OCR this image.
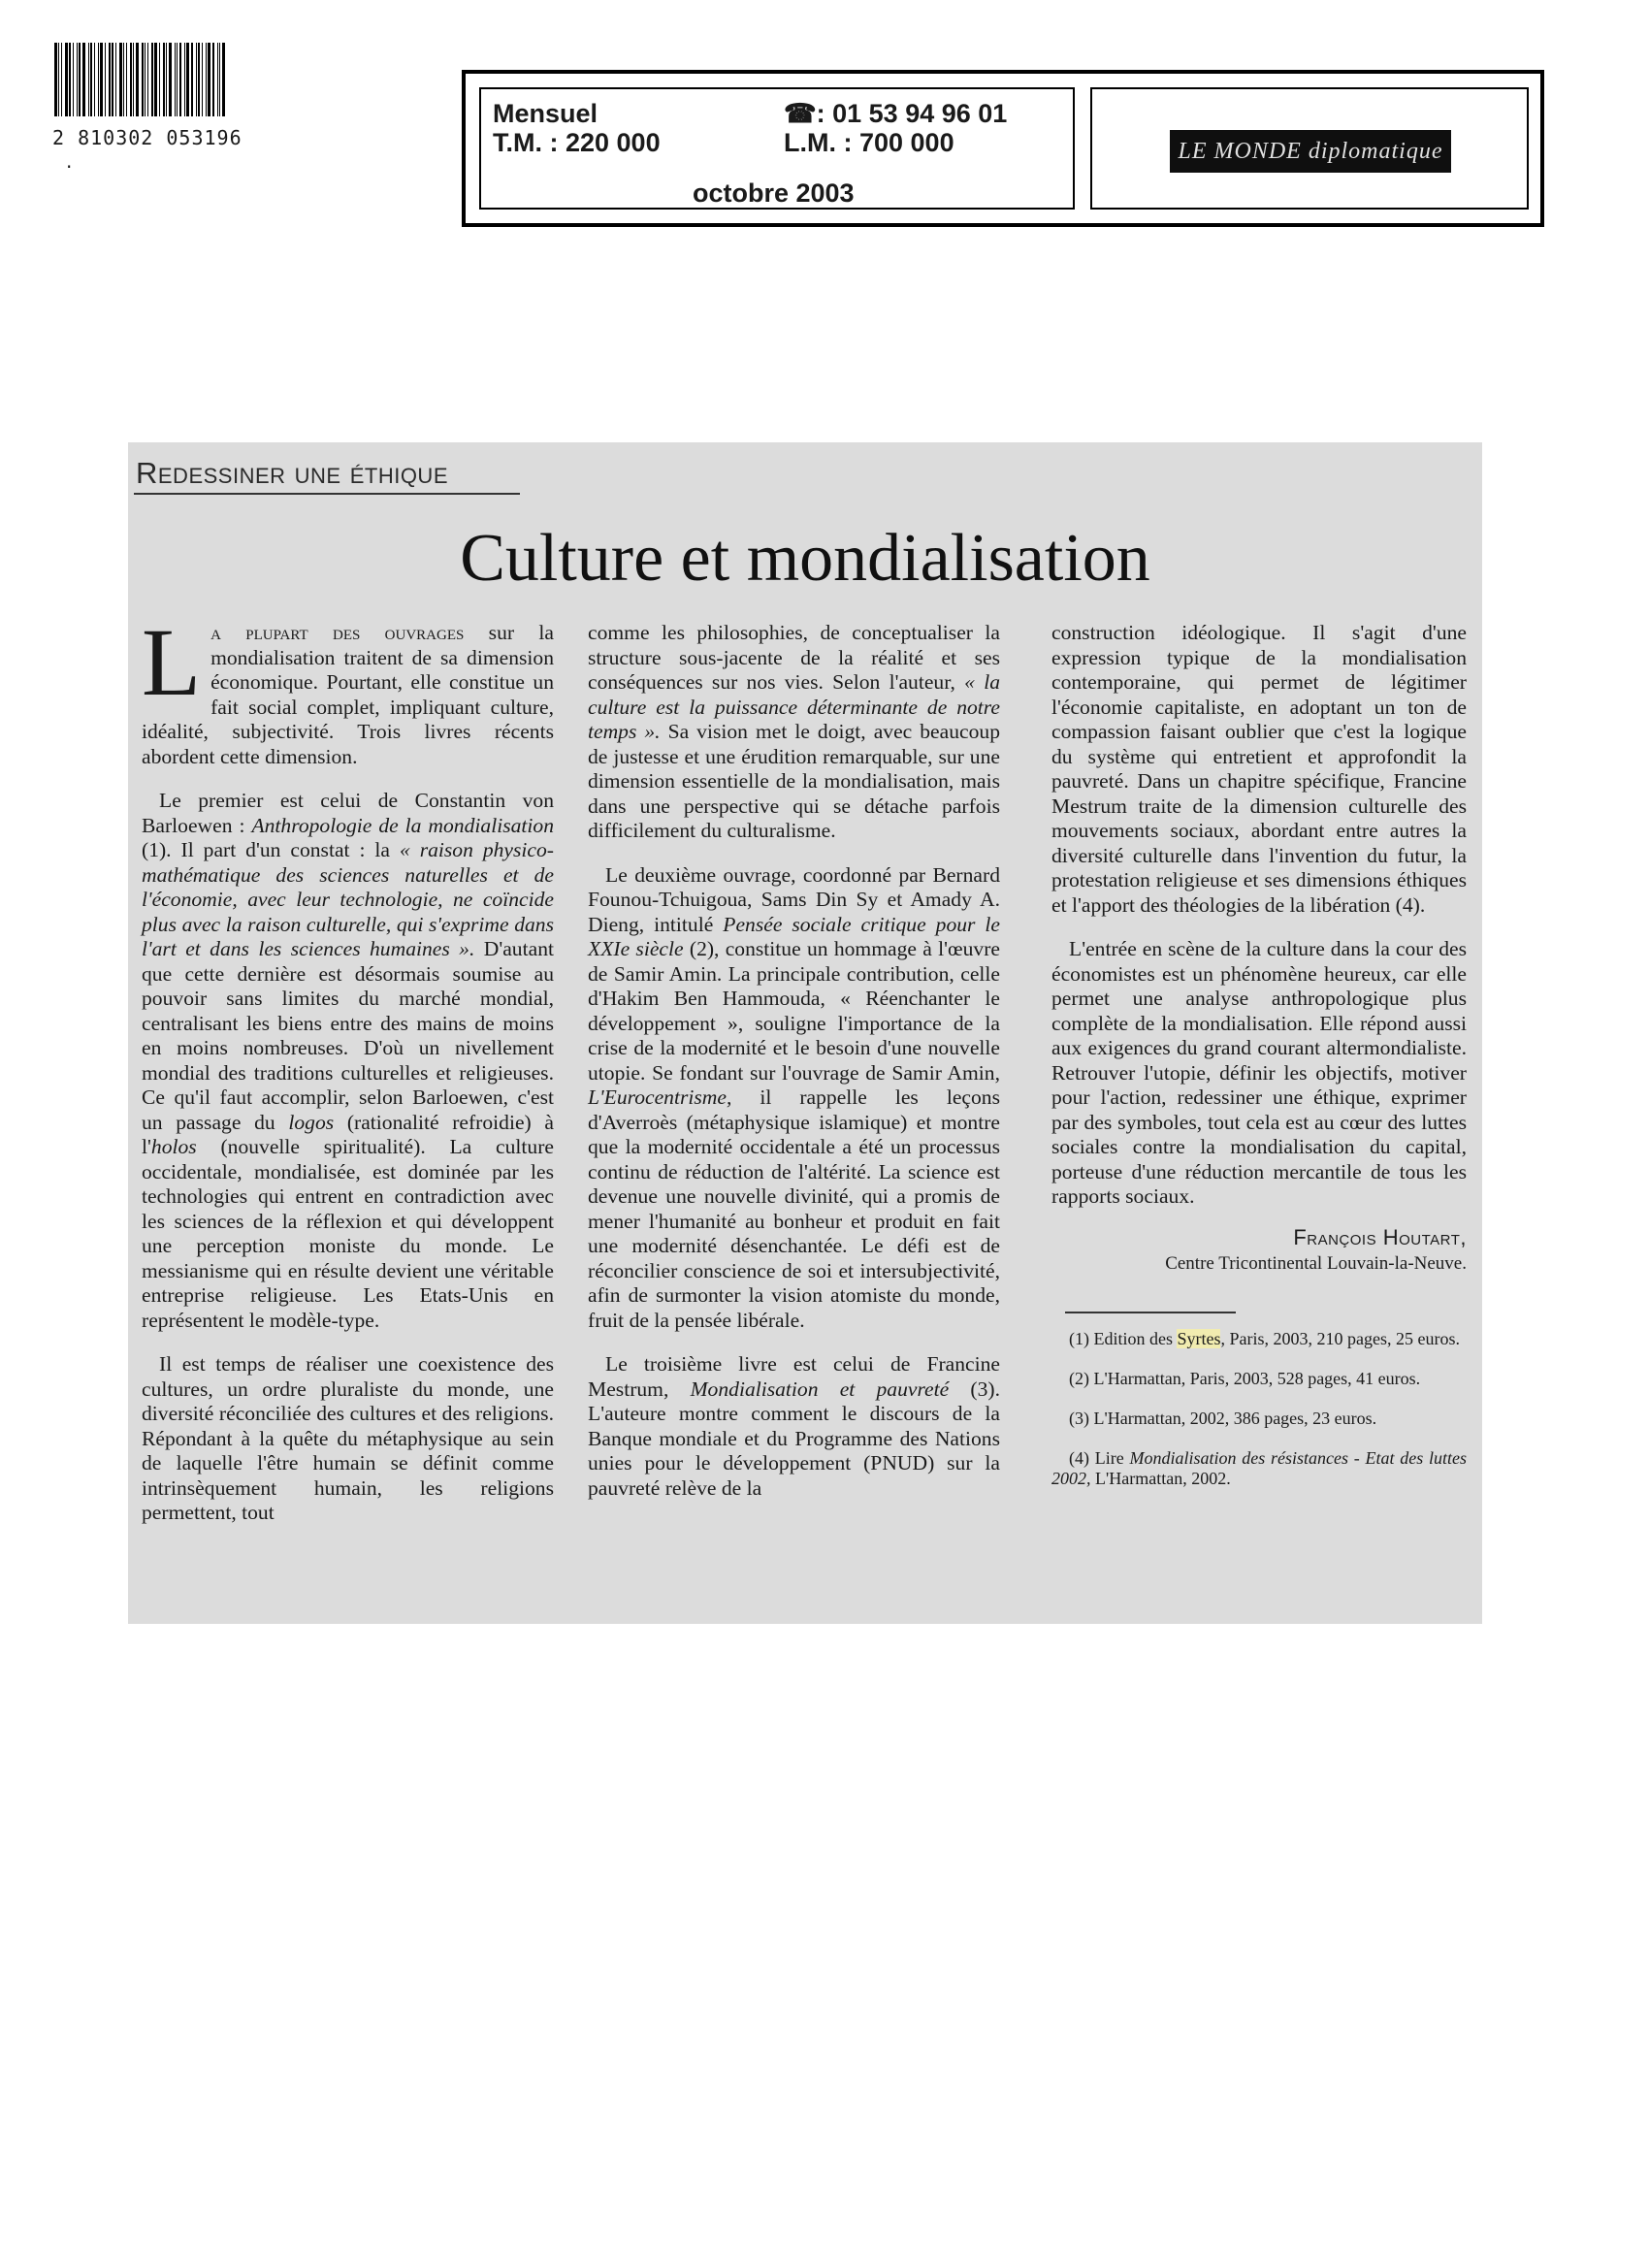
2 810302 053196
·
Mensuel
T.M. : 220 000
☎: 01 53 94 96 01
L.M. : 700 000
octobre 2003
LE MONDE diplomatique
Redessiner une éthique
Culture et mondialisation

La plupart des ouvrages sur la mondialisation traitent de sa dimension économique. Pourtant, elle constitue un fait social complet, impliquant culture, idéalité, subjectivité. Trois livres récents abordent cette dimension.

Le premier est celui de Constantin von Barloewen : Anthropologie de la mondialisation (1). Il part d'un constat : la « raison physico-mathématique des sciences naturelles et de l'économie, avec leur technologie, ne coïncide plus avec la raison culturelle, qui s'exprime dans l'art et dans les sciences humaines ». D'autant que cette dernière est désormais soumise au pouvoir sans limites du marché mondial, centralisant les biens entre des mains de moins en moins nombreuses. D'où un nivellement mondial des traditions culturelles et religieuses. Ce qu'il faut accomplir, selon Barloewen, c'est un passage du logos (rationalité refroidie) à l'holos (nouvelle spiritualité). La culture occidentale, mondialisée, est dominée par les technologies qui entrent en contradiction avec les sciences de la réflexion et qui développent une perception moniste du monde. Le messianisme qui en résulte devient une véritable entreprise religieuse. Les Etats-Unis en représentent le modèle-type.

Il est temps de réaliser une coexistence des cultures, un ordre pluraliste du monde, une diversité réconciliée des cultures et des religions. Répondant à la quête du métaphysique au sein de laquelle l'être humain se définit comme intrinsèquement humain, les religions permettent, tout

comme les philosophies, de conceptualiser la structure sous-jacente de la réalité et ses conséquences sur nos vies. Selon l'auteur, « la culture est la puissance déterminante de notre temps ». Sa vision met le doigt, avec beaucoup de justesse et une érudition remarquable, sur une dimension essentielle de la mondialisation, mais dans une perspective qui se détache parfois difficilement du culturalisme.

Le deuxième ouvrage, coordonné par Bernard Founou-Tchuigoua, Sams Din Sy et Amady A. Dieng, intitulé Pensée sociale critique pour le XXIe siècle (2), constitue un hommage à l'œuvre de Samir Amin. La principale contribution, celle d'Hakim Ben Hammouda, « Réenchanter le développement », souligne l'importance de la crise de la modernité et le besoin d'une nouvelle utopie. Se fondant sur l'ouvrage de Samir Amin, L'Eurocentrisme, il rappelle les leçons d'Averroès (métaphysique islamique) et montre que la modernité occidentale a été un processus continu de réduction de l'altérité. La science est devenue une nouvelle divinité, qui a promis de mener l'humanité au bonheur et produit en fait une modernité désenchantée. Le défi est de réconcilier conscience de soi et intersubjectivité, afin de surmonter la vision atomiste du monde, fruit de la pensée libérale.

Le troisième livre est celui de Francine Mestrum, Mondialisation et pauvreté (3). L'auteure montre comment le discours de la Banque mondiale et du Programme des Nations unies pour le développement (PNUD) sur la pauvreté relève de la

construction idéologique. Il s'agit d'une expression typique de la mondialisation contemporaine, qui permet de légitimer l'économie capitaliste, en adoptant un ton de compassion faisant oublier que c'est la logique du système qui entretient et approfondit la pauvreté. Dans un chapitre spécifique, Francine Mestrum traite de la dimension culturelle des mouvements sociaux, abordant entre autres la diversité culturelle dans l'invention du futur, la protestation religieuse et ses dimensions éthiques et l'apport des théologies de la libération (4).

L'entrée en scène de la culture dans la cour des économistes est un phénomène heureux, car elle permet une analyse anthropologique plus complète de la mondialisation. Elle répond aussi aux exigences du grand courant altermondialiste. Retrouver l'utopie, définir les objectifs, motiver pour l'action, redessiner une éthique, exprimer par des symboles, tout cela est au cœur des luttes sociales contre la mondialisation du capital, porteuse d'une réduction mercantile de tous les rapports sociaux.

François Houtart,
Centre Tricontinental Louvain-la-Neuve.

(1) Edition des Syrtes, Paris, 2003, 210 pages, 25 euros.

(2) L'Harmattan, Paris, 2003, 528 pages, 41 euros.

(3) L'Harmattan, 2002, 386 pages, 23 euros.

(4) Lire Mondialisation des résistances - Etat des luttes 2002, L'Harmattan, 2002.
